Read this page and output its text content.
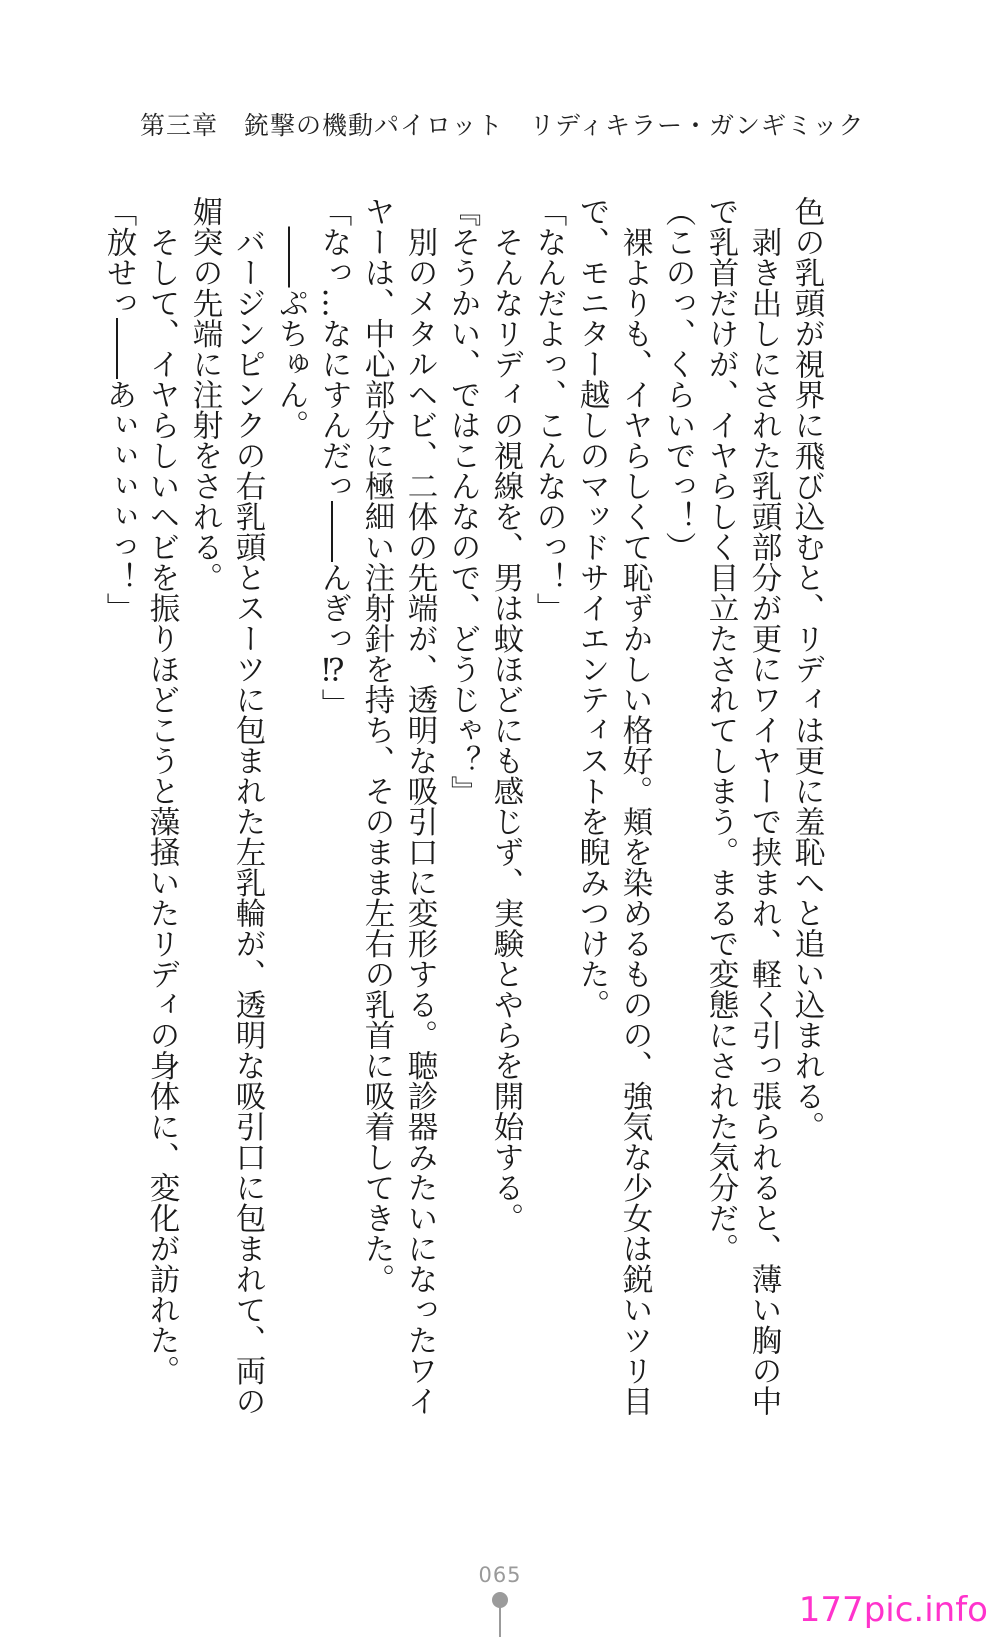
第三章　銃撃の機動パイロット　リディキラー・ガンギミック
色の乳頭が視界に飛び込むと、リディは更に羞恥へと追い込まれる。
　剥き出しにされた乳頭部分が更にワイヤーで挟まれ、軽く引っ張られると、薄い胸の中
で乳首だけが、イヤらしく目立たされてしまう。まるで変態にされた気分だ。
（このっ、くらいでっ！）
　裸よりも、イヤらしくて恥ずかしい格好。頬を染めるものの、強気な少女は鋭いツリ目
で、モニター越しのマッドサイエンティストを睨みつけた。
「なんだよっ、こんなのっ！」
　そんなリディの視線を、男は蚊ほどにも感じず、実験とやらを開始する。
『そうかい、ではこんなので、どうじゃ？』
　別のメタルヘビ、二体の先端が、透明な吸引口に変形する。聴診器みたいになったワイ
ヤーは、中心部分に極細い注射針を持ち、そのまま左右の乳首に吸着してきた。
「なっ…なにすんだっ――んぎっ⁉」
　――ぷちゅん。
　バージンピンクの右乳頭とスーツに包まれた左乳輪が、透明な吸引口に包まれて、両の
媚突の先端に注射をされる。
　そして、イヤらしいヘビを振りほどこうと藻掻いたリディの身体に、変化が訪れた。
「放せっ――あぃぃぃぃっ！」
065
177pic.info
